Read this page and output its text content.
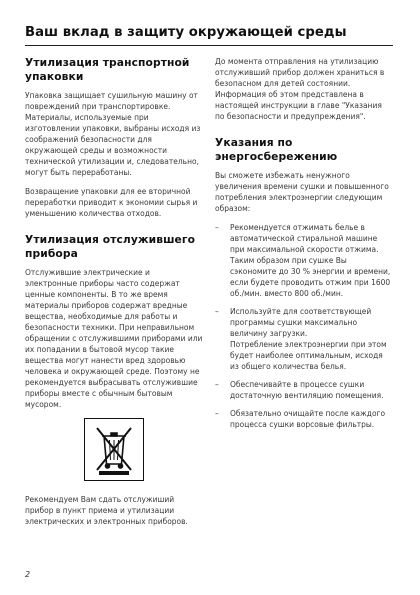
Ваш вклад в защиту окружающей среды
Утилизация транспортной упаковки

Упаковка защищает сушильную машину от повреждений при транспортировке. Материалы, используемые при изготовлении упаковки, выбраны исходя из соображений безопасности для окружающей среды и возможности технической утилизации и, следовательно, могут быть переработаны.

Возвращение упаковки для ее вторичной переработки приводит к экономии сырья и уменьшению количества отходов.

Утилизация отслужившего прибора

Отслужившие электрические и электронные приборы часто содержат ценные компоненты. В то же время материалы приборов содержат вредные вещества, необходимые для работы и безопасности техники. При неправильном обращении с отслужившими приборами или их попадании в бытовой мусор такие вещества могут нанести вред здоровью человека и окружающей среде. Поэтому не рекомендуется выбрасывать отслужившие приборы вместе с обычным бытовым мусором.

Рекомендуем Вам сдать отслужиший прибор в пункт приема и утилизации электрических и электронных приборов.

До момента отправления на утилизацию отслуживший прибор должен храниться в безопасном для детей состоянии. Информация об этом представлена в настоящей инструкции в главе "Указания по безопасности и предупреждения".

Указания по энергосбережению

Вы сможете избежать ненужного увеличения времени сушки и повышенного потребления электроэнергии следующим образом:

– Рекомендуется отжимать белье в автоматической стиральной машине при максимальной скорости отжима.
Таким образом при сушке Вы сэкономите до 30 % энергии и времени, если будете проводить отжим при 1600 об./мин. вместо 800 об./мин.
– Используйте для соответствующей программы сушки максимально величину загрузки.
Потребление электроэнергии при этом будет наиболее оптимальным, исходя из общего количества белья.
– Обеспечивайте в процессе сушки достаточную вентиляцию помещения.
– Обязательно очищайте после каждого процесса сушки ворсовые фильтры.
2
